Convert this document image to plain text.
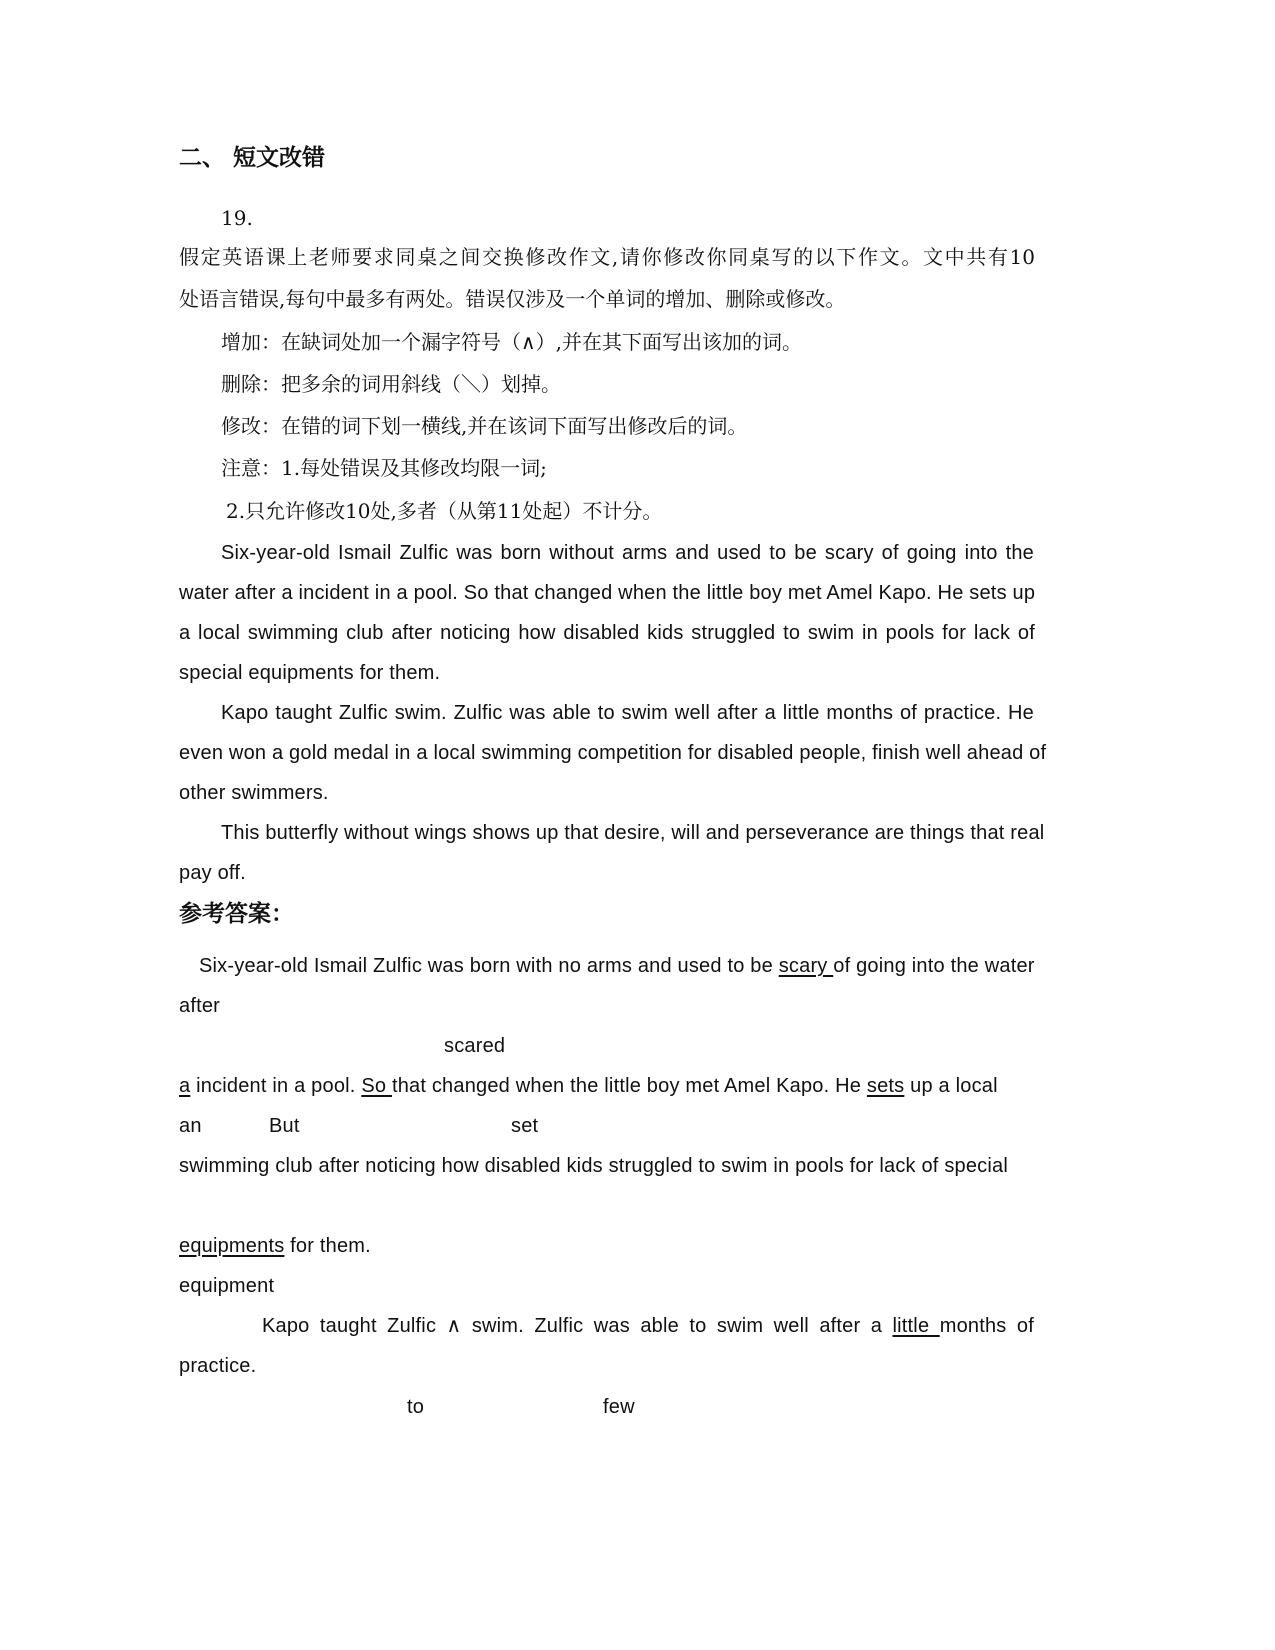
二、 短文改错
19.
假定英语课上老师要求同桌之间交换修改作文,请你修改你同桌写的以下作文。文中共有10
处语言错误,每句中最多有两处。错误仅涉及一个单词的增加、删除或修改。
增加：在缺词处加一个漏字符号（∧）,并在其下面写出该加的词。
删除：把多余的词用斜线（＼）划掉。
修改：在错的词下划一横线,并在该词下面写出修改后的词。
注意：1.每处错误及其修改均限一词;
2.只允许修改10处,多者（从第11处起）不计分。
Six-year-old Ismail Zulfic was born without arms and used to be scary of going into the
water after a incident in a pool. So that changed when the little boy met Amel Kapo. He sets up
a local swimming club after noticing how disabled kids struggled to swim in pools for lack of
special equipments for them.
Kapo taught Zulfic swim. Zulfic was able to swim well after a little months of practice. He
even won a gold medal in a local swimming competition for disabled people, finish well ahead of
other swimmers.
This butterfly without wings shows up that desire, will and perseverance are things that real
pay off.
参考答案：
Six-year-old Ismail Zulfic was born with no arms and used to be scary of going into the water
after
scared
a incident in a pool. So that changed when the little boy met Amel Kapo. He sets up a local
an	But	set
swimming club after noticing how disabled kids struggled to swim in pools for lack of special
equipments for them.
equipment
Kapo taught Zulfic ∧ swim. Zulfic was able to swim well after a little months of
practice.
to	few
